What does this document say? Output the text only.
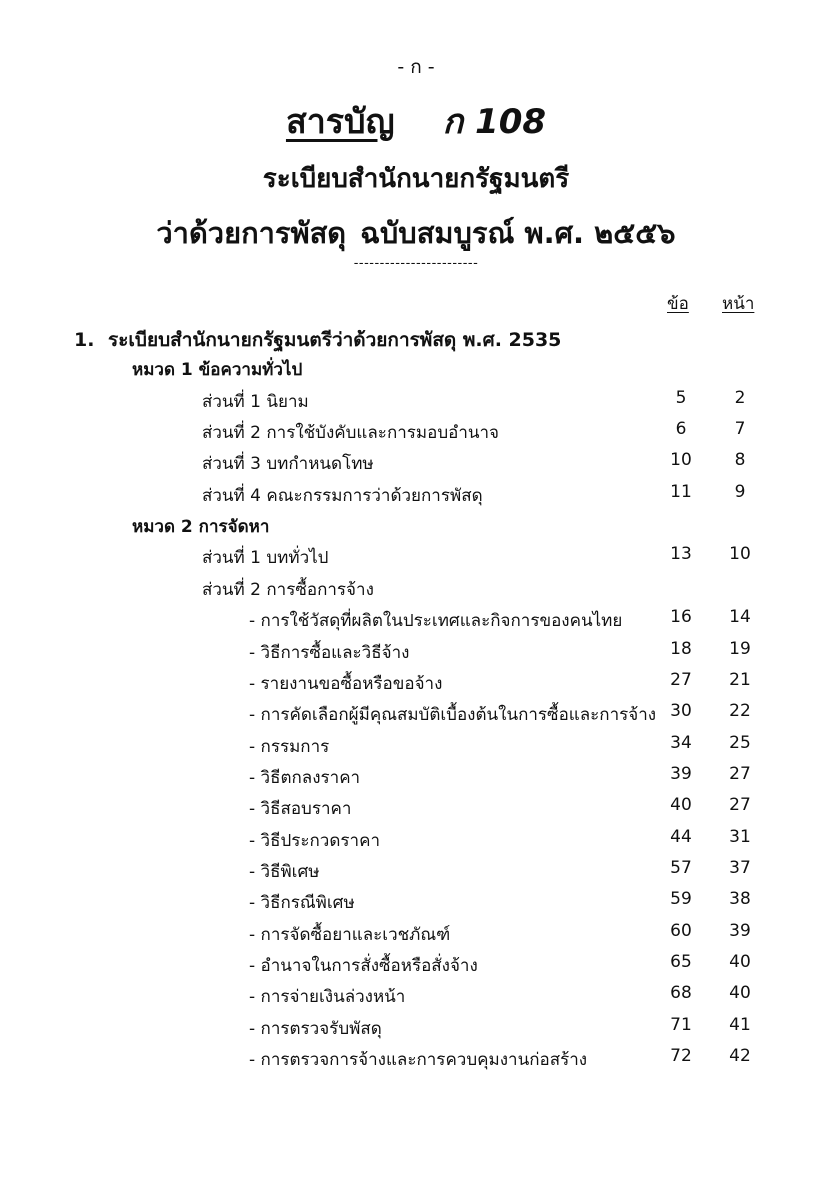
- ก -
สารบัญ ก 108
ระเบียบสำนักนายกรัฐมนตรี
ว่าด้วยการพัสดุ ฉบับสมบูรณ์ พ.ศ. ๒๕๕๖
------------------------
ข้อ หน้า
1. ระเบียบสำนักนายกรัฐมนตรีว่าด้วยการพัสดุ พ.ศ. 2535
หมวด 1 ข้อความทั่วไป
ส่วนที่ 1 นิยาม	5	2
ส่วนที่ 2 การใช้บังคับและการมอบอำนาจ	6	7
ส่วนที่ 3 บทกำหนดโทษ	10	8
ส่วนที่ 4 คณะกรรมการว่าด้วยการพัสดุ	11	9
หมวด 2 การจัดหา
ส่วนที่ 1 บททั่วไป	13	10
ส่วนที่ 2 การซื้อการจ้าง
- การใช้วัสดุที่ผลิตในประเทศและกิจการของคนไทย	16	14
- วิธีการซื้อและวิธีจ้าง	18	19
- รายงานขอซื้อหรือขอจ้าง	27	21
- การคัดเลือกผู้มีคุณสมบัติเบื้องต้นในการซื้อและการจ้าง 30	22
- กรรมการ	34	25
- วิธีตกลงราคา	39	27
- วิธีสอบราคา	40	27
- วิธีประกวดราคา	44	31
- วิธีพิเศษ	57	37
- วิธีกรณีพิเศษ	59	38
- การจัดซื้อยาและเวชภัณฑ์	60	39
- อำนาจในการสั่งซื้อหรือสั่งจ้าง	65	40
- การจ่ายเงินล่วงหน้า	68	40
- การตรวจรับพัสดุ	71	41
- การตรวจการจ้างและการควบคุมงานก่อสร้าง	72	42
